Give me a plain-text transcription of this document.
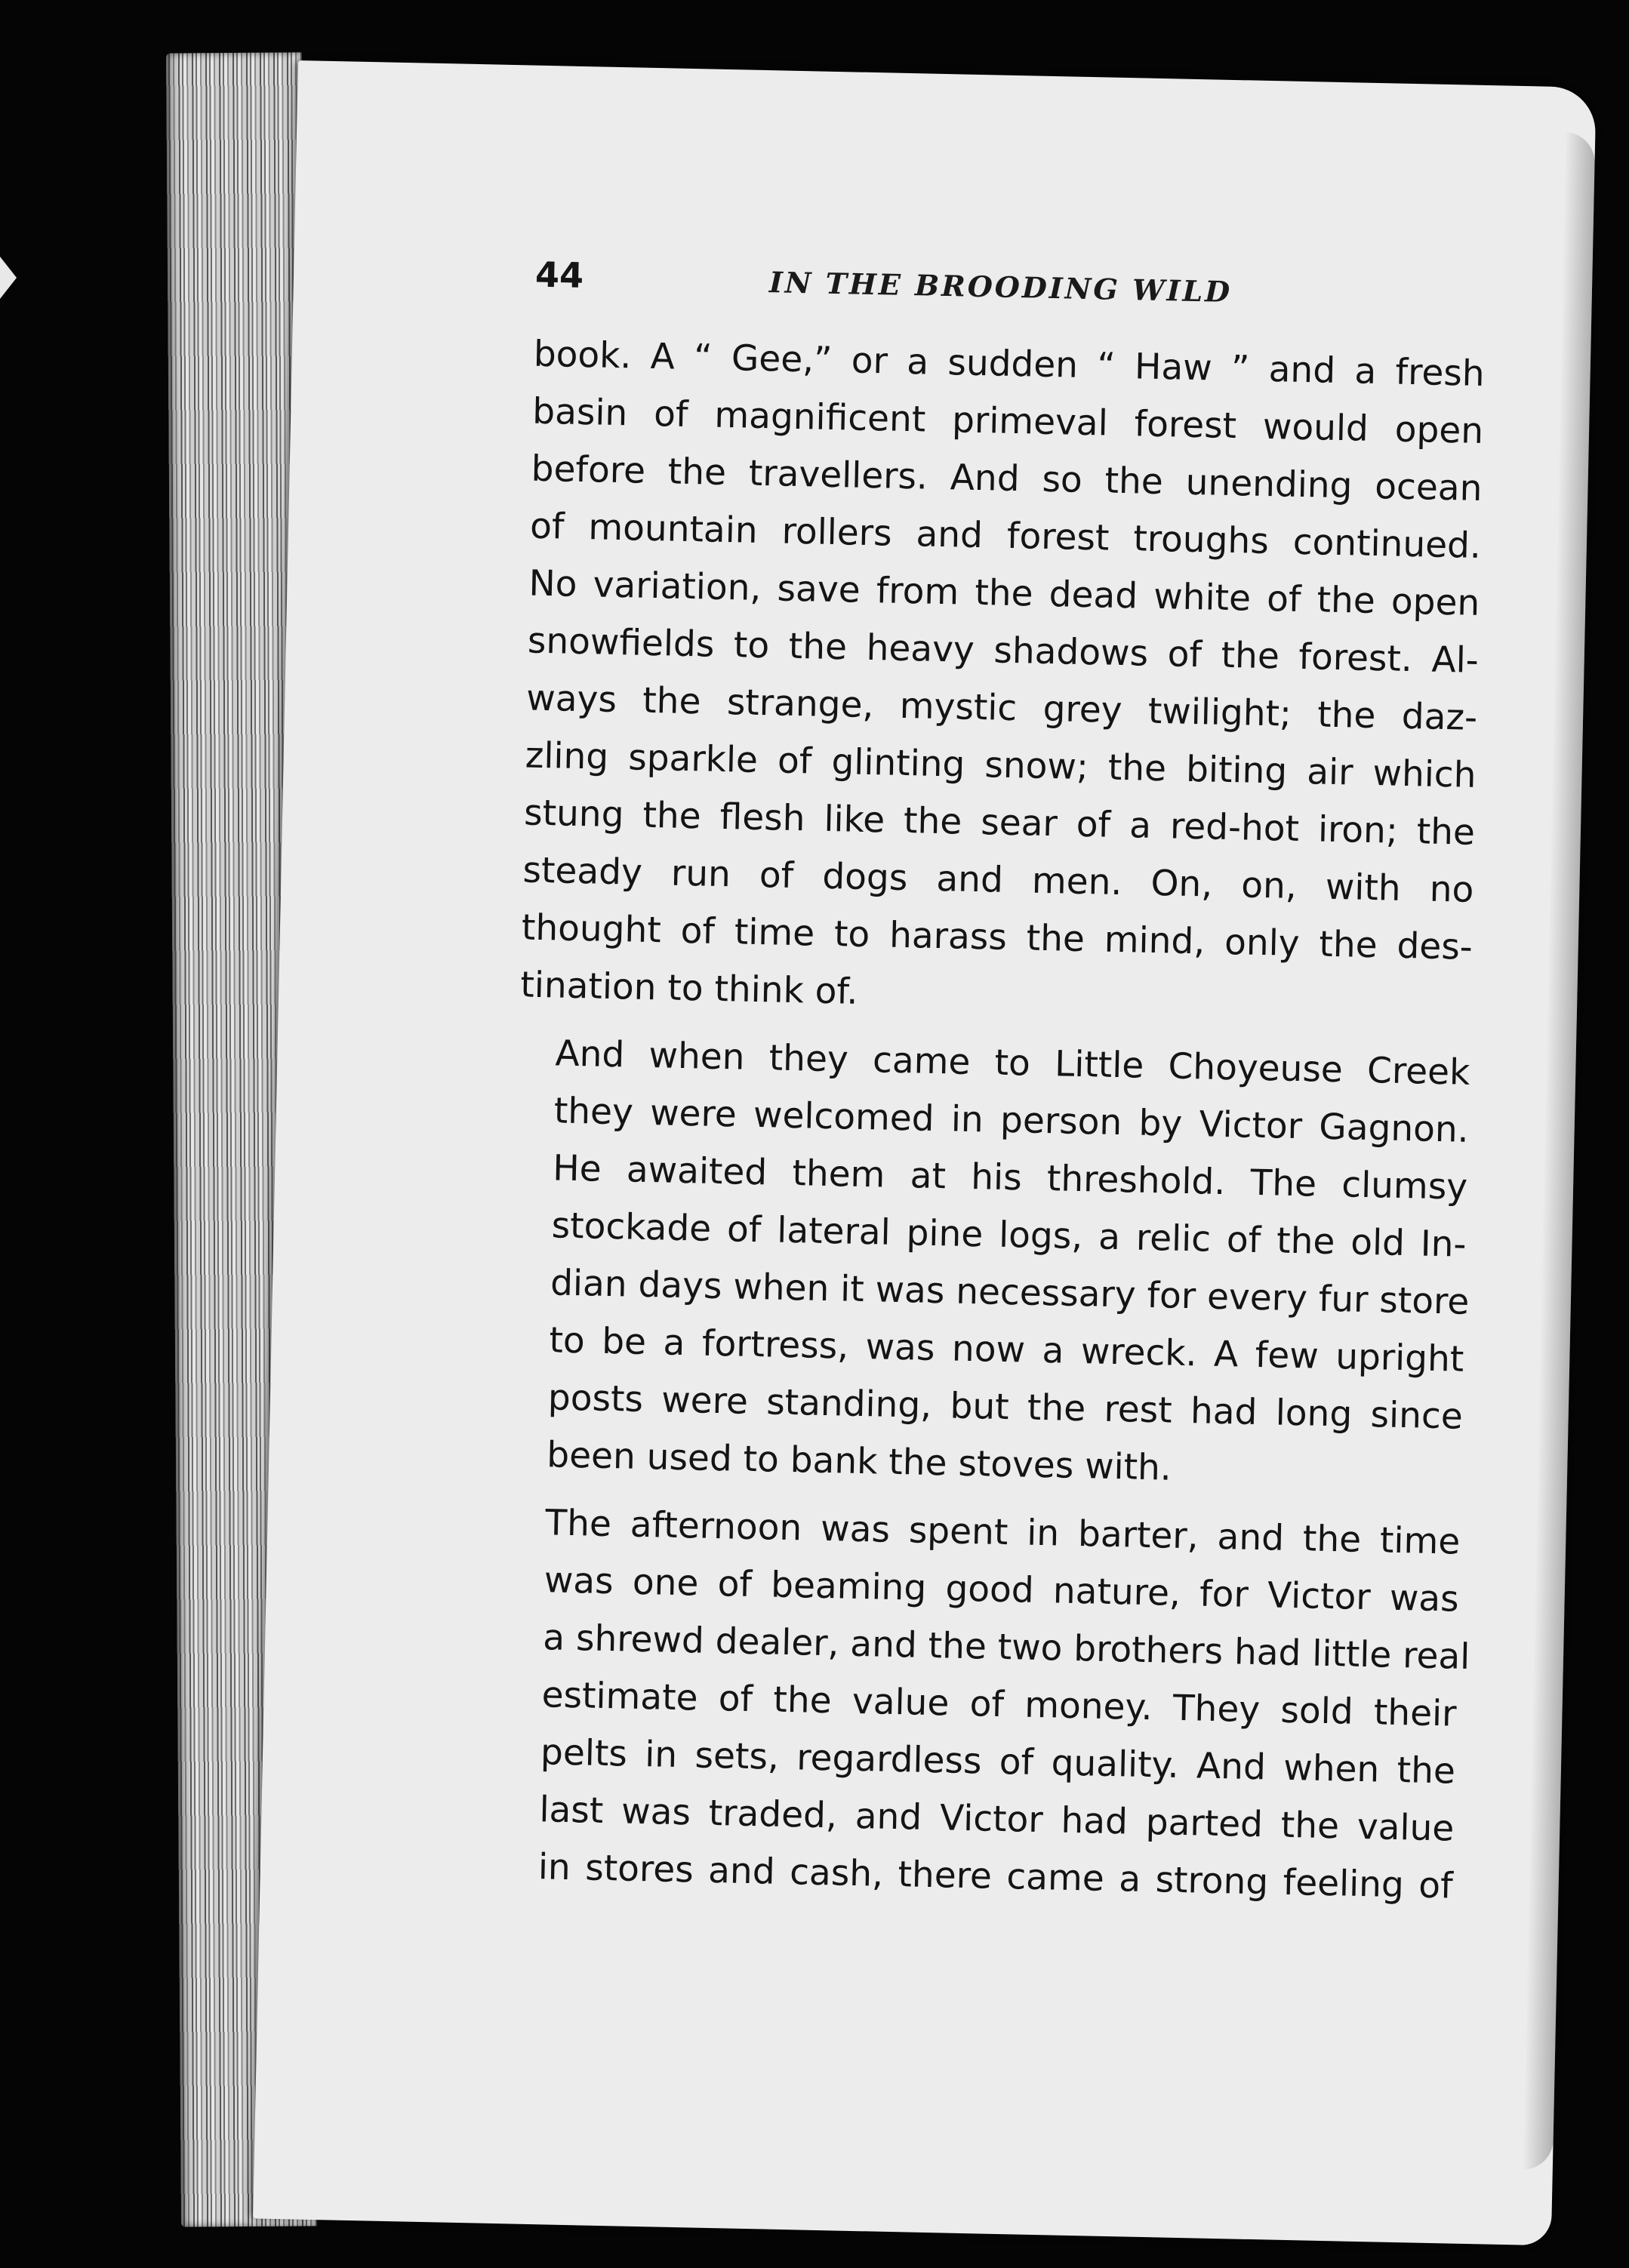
44	IN THE BROODING WILD

book. A “ Gee,” or a sudden “ Haw ” and a fresh
basin of magnificent primeval forest would open
before the travellers. And so the unending ocean
of mountain rollers and forest troughs continued.
No variation, save from the dead white of the open
snowfields to the heavy shadows of the forest. Al-
ways the strange, mystic grey twilight; the daz-
zling sparkle of glinting snow; the biting air which
stung the flesh like the sear of a red-hot iron; the
steady run of dogs and men. On, on, with no
thought of time to harass the mind, only the des-
tination to think of.

And when they came to Little Choyeuse Creek
they were welcomed in person by Victor Gagnon.
He awaited them at his threshold. The clumsy
stockade of lateral pine logs, a relic of the old In-
dian days when it was necessary for every fur store
to be a fortress, was now a wreck. A few upright
posts were standing, but the rest had long since
been used to bank the stoves with.

The afternoon was spent in barter, and the time
was one of beaming good nature, for Victor was
a shrewd dealer, and the two brothers had little real
estimate of the value of money. They sold their
pelts in sets, regardless of quality. And when the
last was traded, and Victor had parted the value
in stores and cash, there came a strong feeling of
